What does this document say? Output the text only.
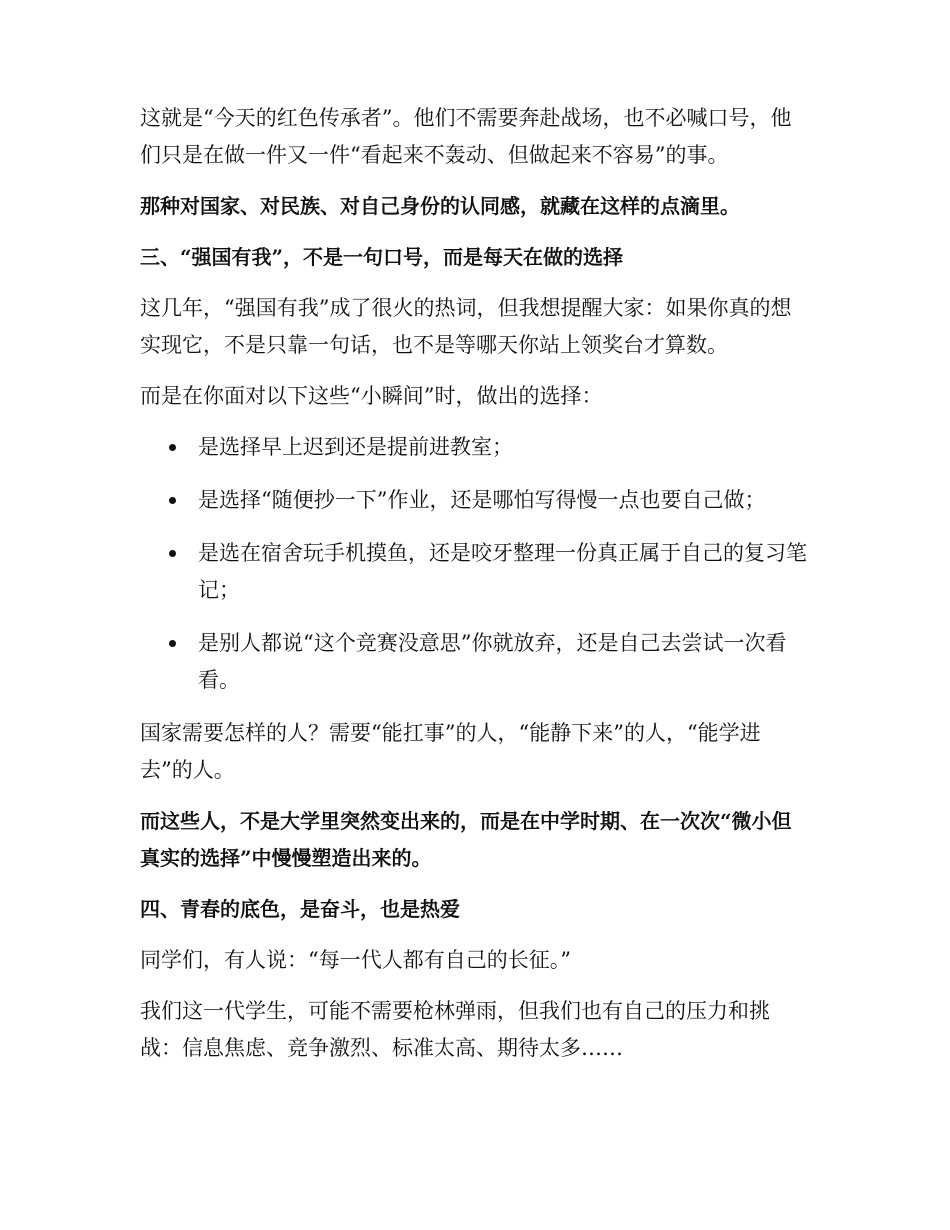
这就是“今天的红色传承者”。他们不需要奔赴战场，也不必喊口号，他们只是在做一件又一件“看起来不轰动、但做起来不容易”的事。

那种对国家、对民族、对自己身份的认同感，就藏在这样的点滴里。

三、“强国有我”，不是一句口号，而是每天在做的选择

这几年，“强国有我”成了很火的热词，但我想提醒大家：如果你真的想实现它，不是只靠一句话，也不是等哪天你站上领奖台才算数。

而是在你面对以下这些“小瞬间”时，做出的选择：

是选择早上迟到还是提前进教室；
是选择“随便抄一下”作业，还是哪怕写得慢一点也要自己做；
是选在宿舍玩手机摸鱼，还是咬牙整理一份真正属于自己的复习笔记；
是别人都说“这个竞赛没意思”你就放弃，还是自己去尝试一次看看。

国家需要怎样的人？需要“能扛事”的人，“能静下来”的人，“能学进去”的人。

而这些人，不是大学里突然变出来的，而是在中学时期、在一次次“微小但真实的选择”中慢慢塑造出来的。

四、青春的底色，是奋斗，也是热爱

同学们，有人说：“每一代人都有自己的长征。”

我们这一代学生，可能不需要枪林弹雨，但我们也有自己的压力和挑战：信息焦虑、竞争激烈、标准太高、期待太多……
